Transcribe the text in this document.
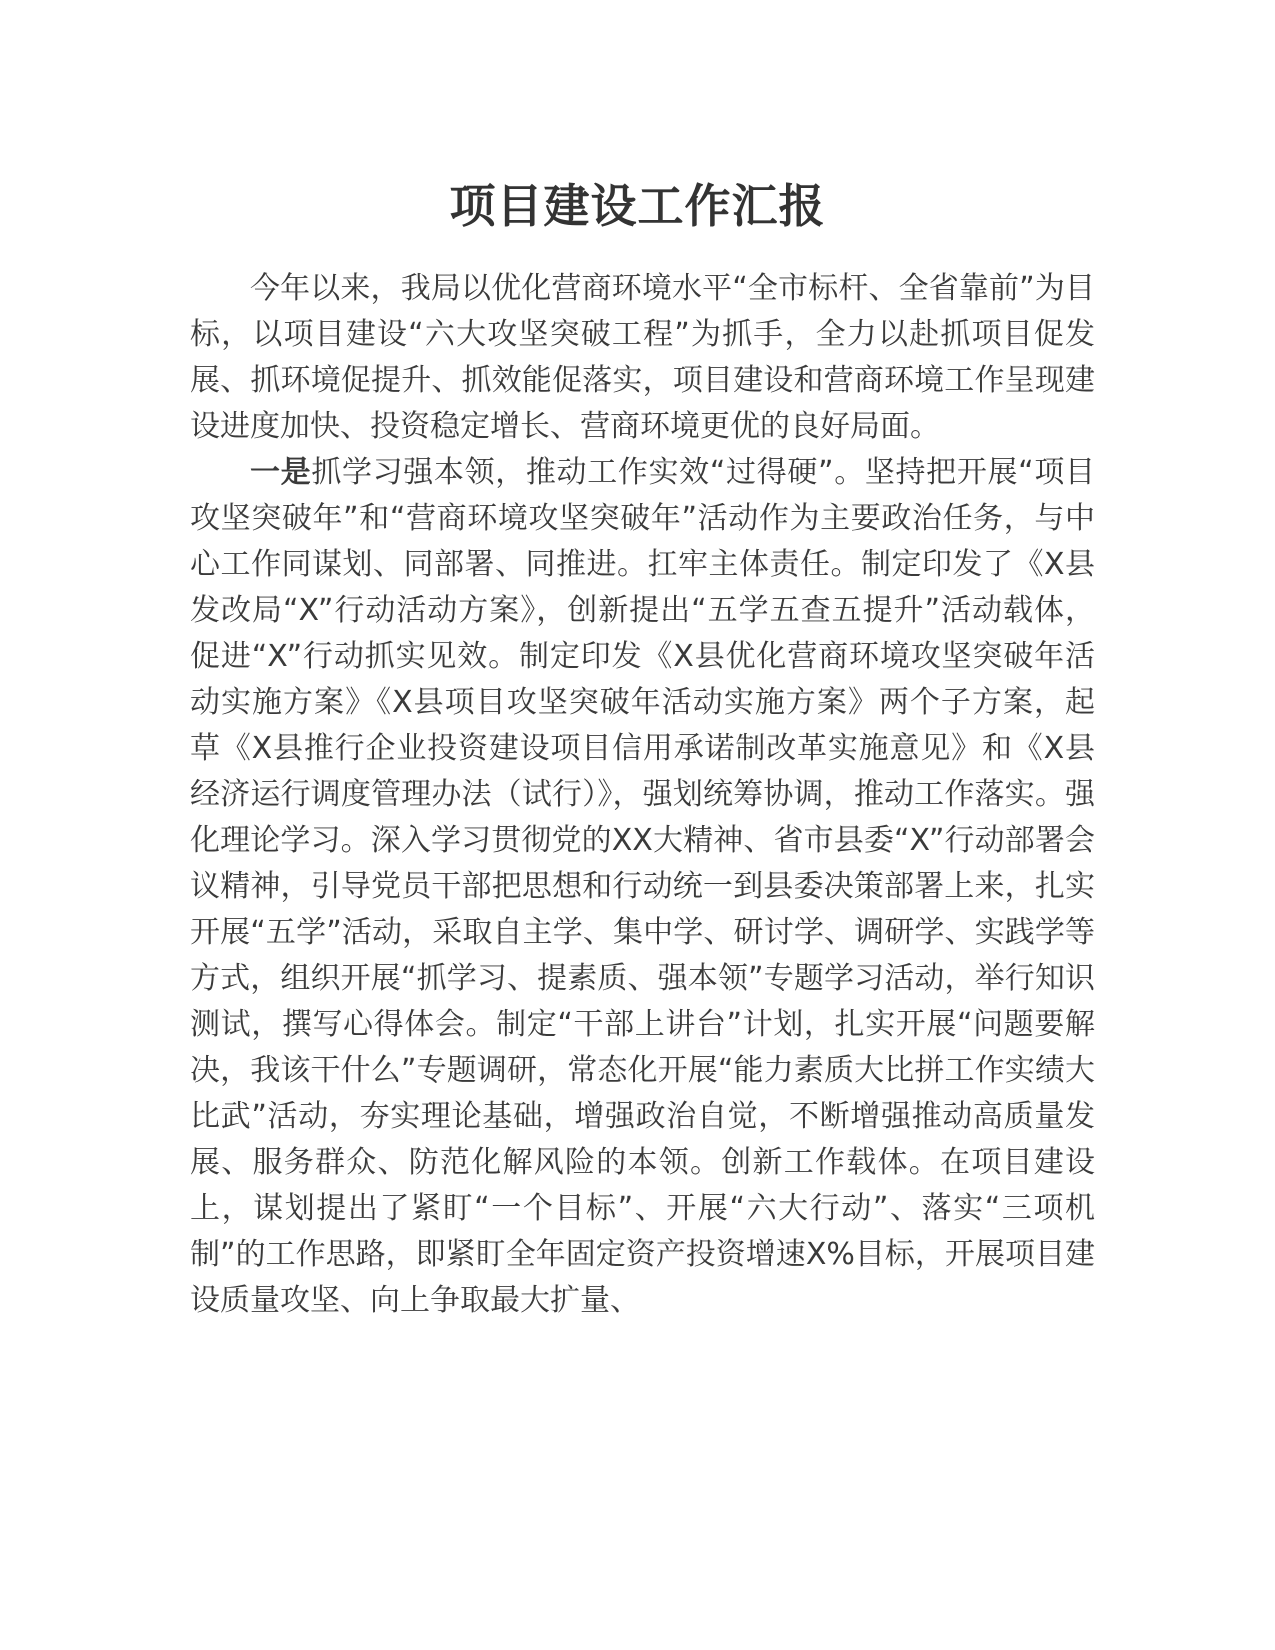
项目建设工作汇报

今年以来，我局以优化营商环境水平“全市标杆、全省靠前”为目标，以项目建设“六大攻坚突破工程”为抓手，全力以赴抓项目促发展、抓环境促提升、抓效能促落实，项目建设和营商环境工作呈现建设进度加快、投资稳定增长、营商环境更优的良好局面。

一是抓学习强本领，推动工作实效“过得硬”。坚持把开展“项目攻坚突破年”和“营商环境攻坚突破年”活动作为主要政治任务，与中心工作同谋划、同部署、同推进。扛牢主体责任。制定印发了《X县发改局“X”行动活动方案》，创新提出“五学五查五提升”活动载体，促进“X”行动抓实见效。制定印发《X县优化营商环境攻坚突破年活动实施方案》《X县项目攻坚突破年活动实施方案》两个子方案，起草《X县推行企业投资建设项目信用承诺制改革实施意见》和《X县经济运行调度管理办法（试行）》，强划统筹协调，推动工作落实。强化理论学习。深入学习贯彻党的XX大精神、省市县委“X”行动部署会议精神，引导党员干部把思想和行动统一到县委决策部署上来，扎实开展“五学”活动，采取自主学、集中学、研讨学、调研学、实践学等方式，组织开展“抓学习、提素质、强本领”专题学习活动，举行知识测试，撰写心得体会。制定“干部上讲台”计划，扎实开展“问题要解决，我该干什么”专题调研，常态化开展“能力素质大比拼工作实绩大比武”活动，夯实理论基础，增强政治自觉，不断增强推动高质量发展、服务群众、防范化解风险的本领。创新工作载体。在项目建设上，谋划提出了紧盯“一个目标”、开展“六大行动”、落实“三项机制”的工作思路，即紧盯全年固定资产投资增速X%目标，开展项目建设质量攻坚、向上争取最大扩量、
